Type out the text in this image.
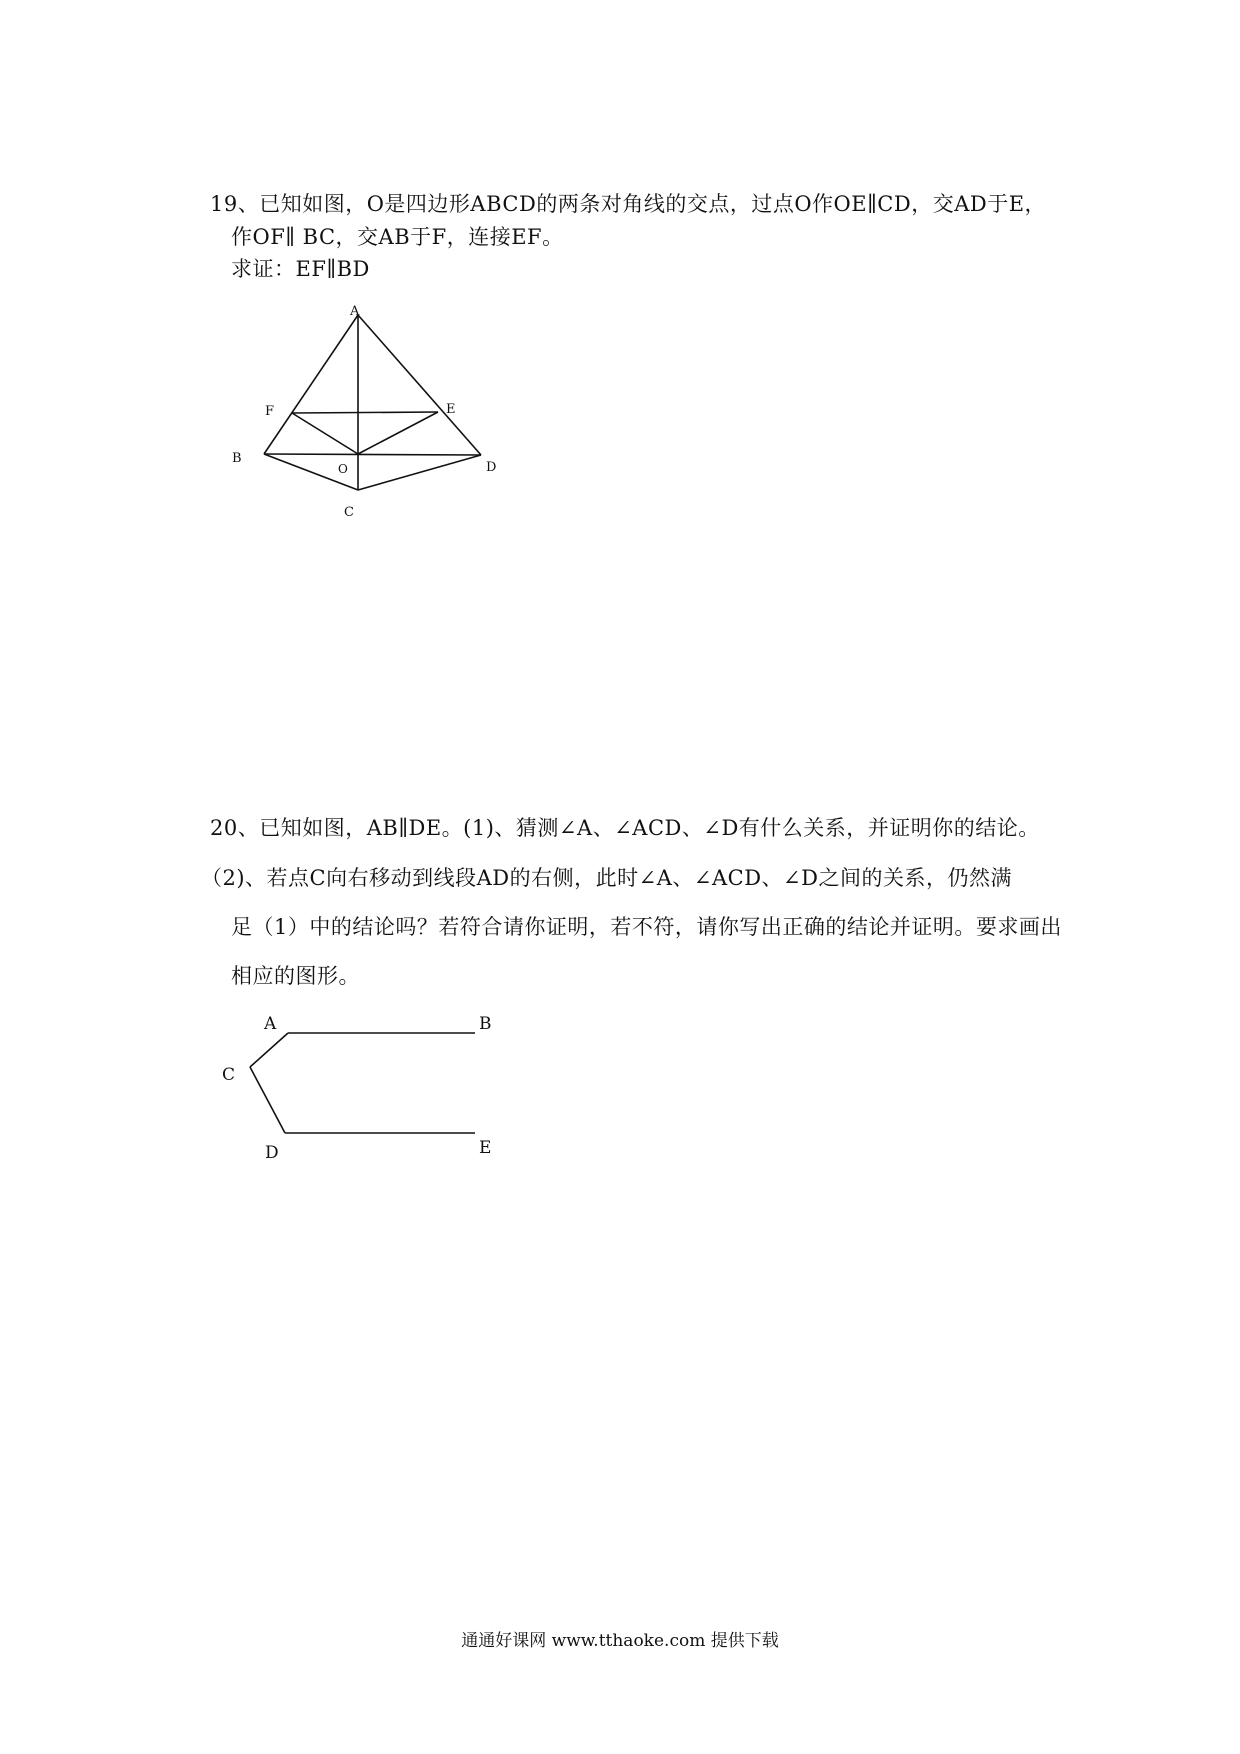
19、已知如图，O是四边形ABCD的两条对角线的交点，过点O作OE∥CD，交AD于E，
作OF∥ BC，交AB于F，连接EF。
求证：EF∥BD
A
B
C
D
E
F
O
20、已知如图，AB∥DE。(1)、猜测∠A、∠ACD、∠D有什么关系，并证明你的结论。
（2)、若点C向右移动到线段AD的右侧，此时∠A、∠ACD、∠D之间的关系，仍然满
足（1）中的结论吗？若符合请你证明，若不符，请你写出正确的结论并证明。要求画出
相应的图形。
A	B
C
D	E
通通好课网 www.tthaoke.com 提供下载
